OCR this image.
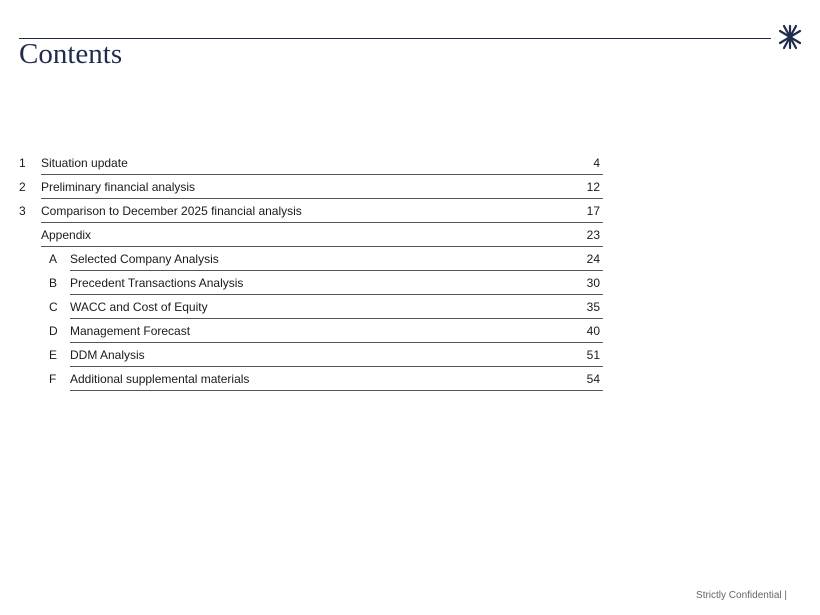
Contents
1 Situation update	4
2 Preliminary financial analysis	12
3 Comparison to December 2025 financial analysis	17
Appendix	23
A Selected Company Analysis	24
B Precedent Transactions Analysis	30
C WACC and Cost of Equity	35
D Management Forecast	40
E DDM Analysis	51
F Additional supplemental materials	54
Strictly Confidential |
